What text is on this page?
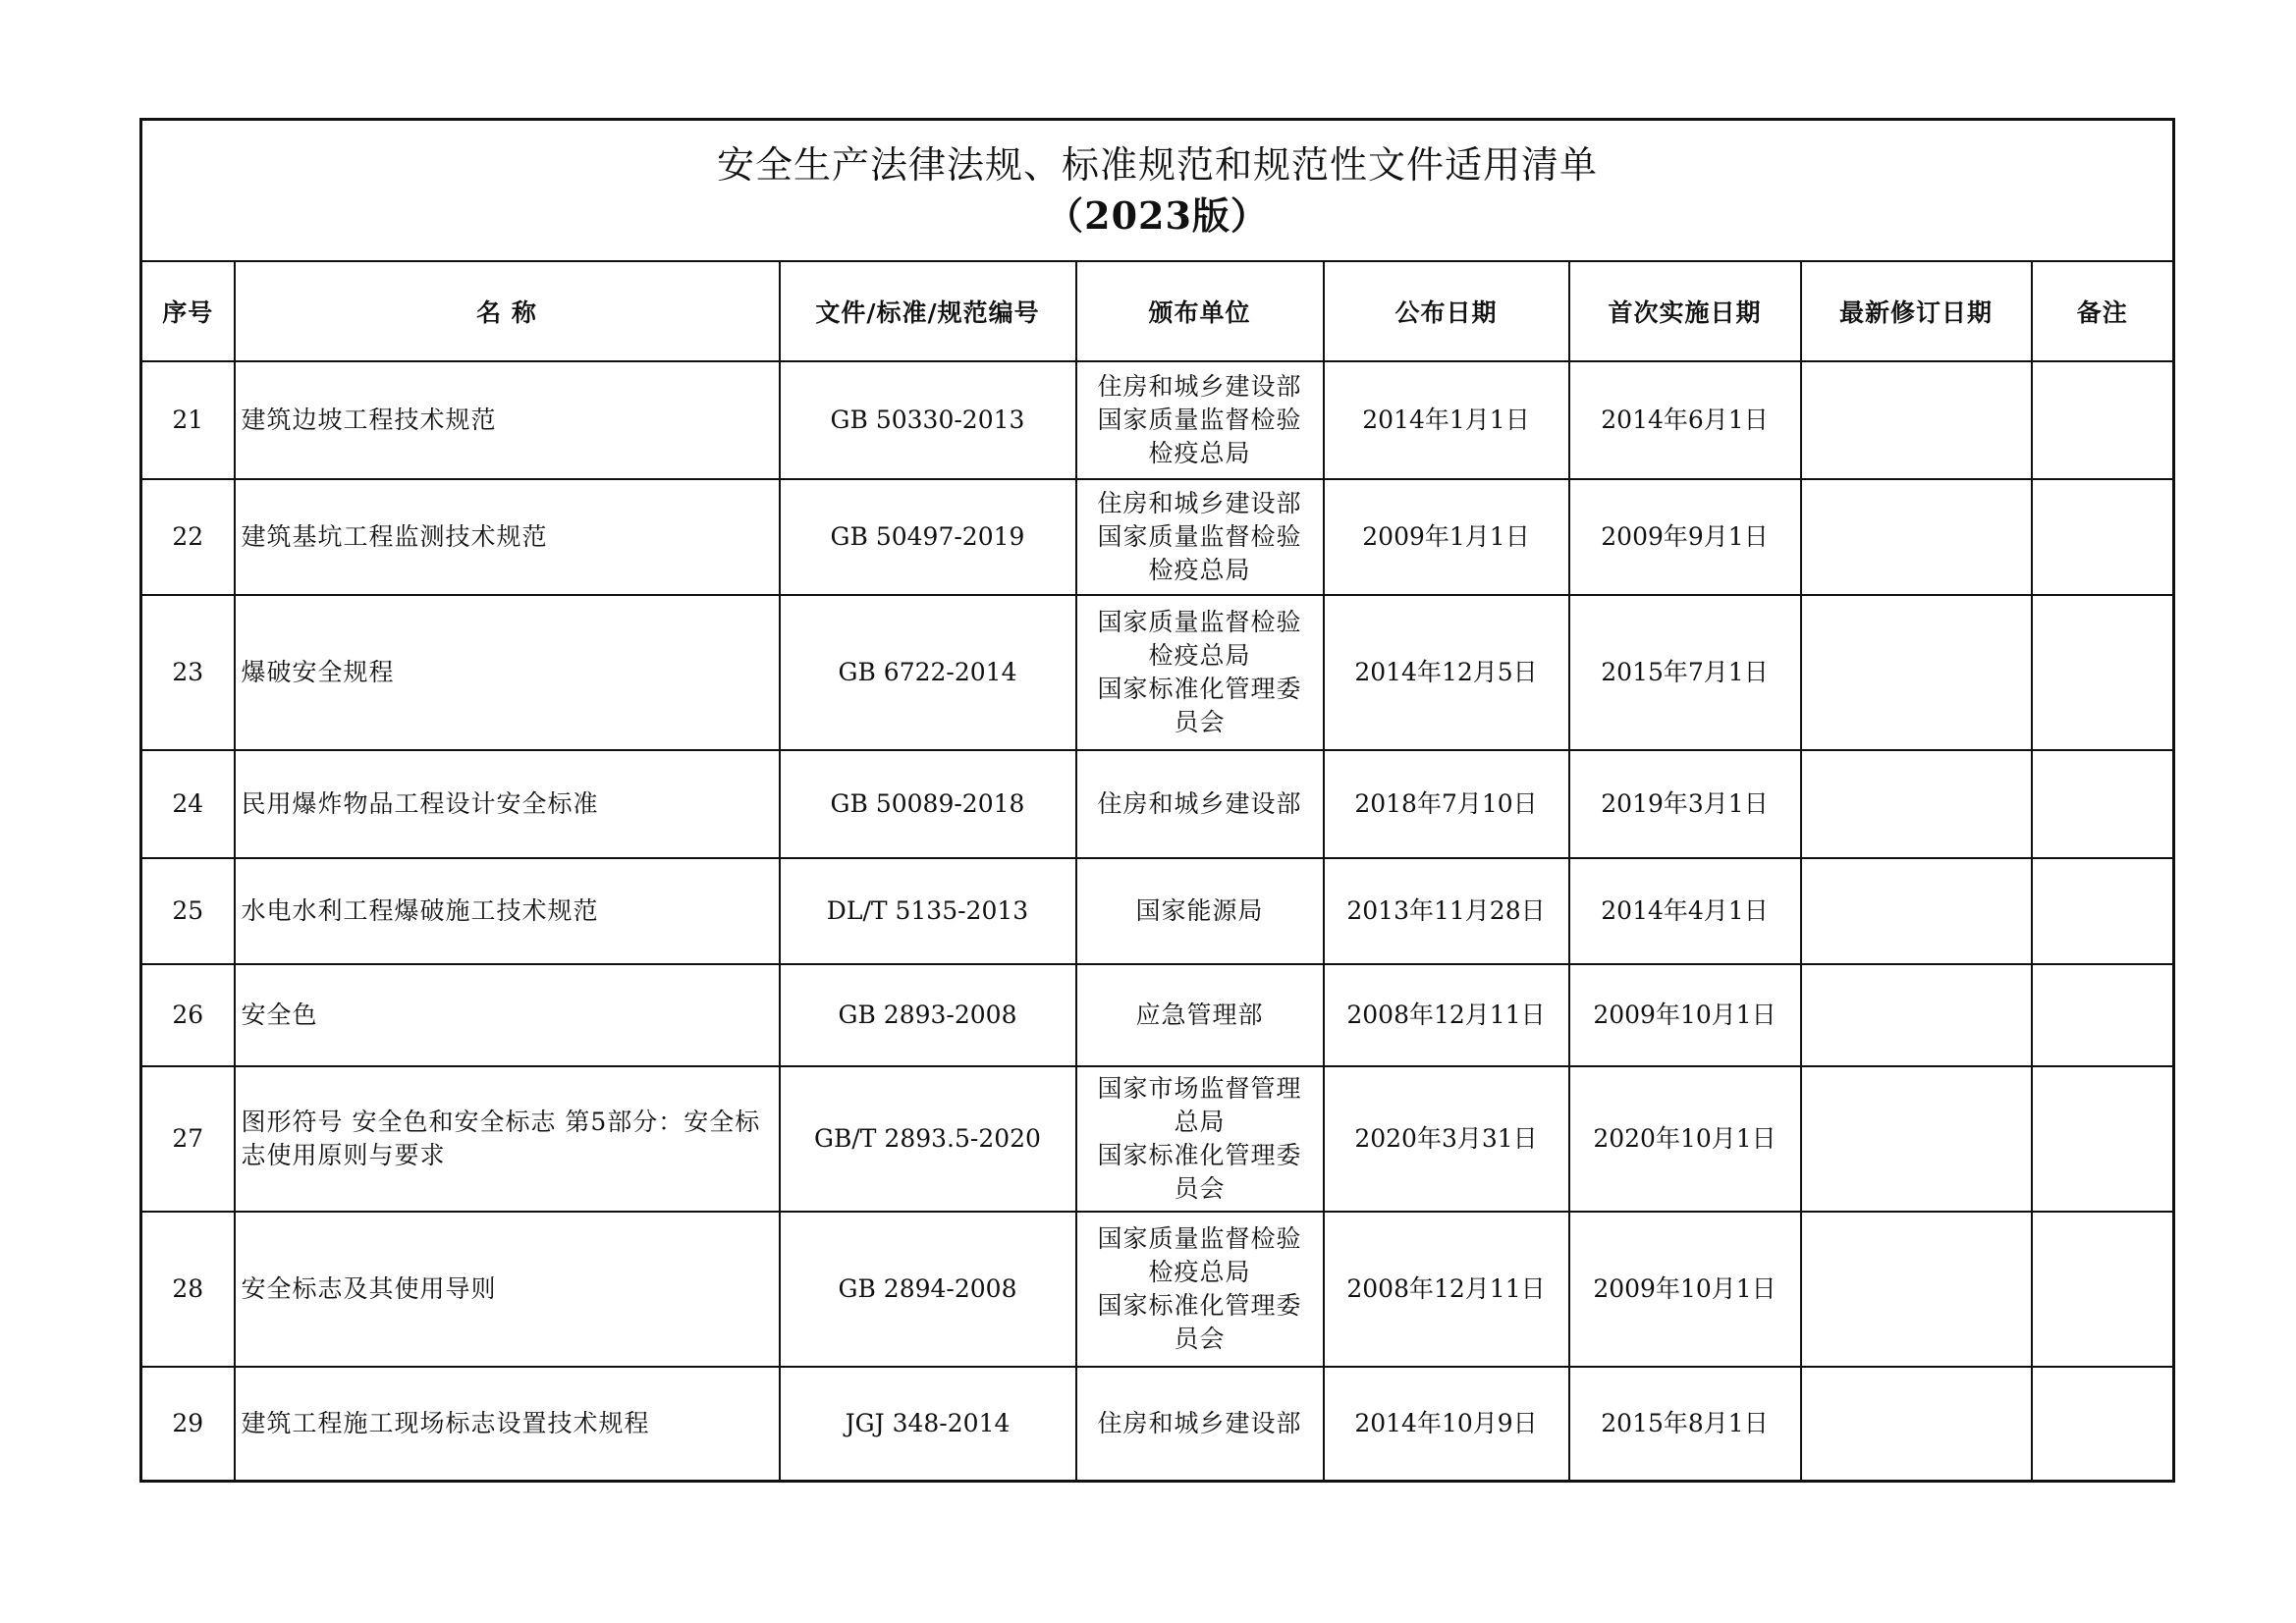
安全生产法律法规、标准规范和规范性文件适用清单
（2023版）							

序号	名 称	文件/标准/规范编号	颁布单位	公布日期	首次实施日期	最新修订日期	备注
21	建筑边坡工程技术规范	GB 50330-2013	住房和城乡建设部
国家质量监督检验
检疫总局	2014年1月1日	2014年6月1日		
22	建筑基坑工程监测技术规范	GB 50497-2019	住房和城乡建设部
国家质量监督检验
检疫总局	2009年1月1日	2009年9月1日		
23	爆破安全规程	GB 6722-2014	国家质量监督检验
检疫总局
国家标准化管理委
员会	2014年12月5日	2015年7月1日		
24	民用爆炸物品工程设计安全标准	GB 50089-2018	住房和城乡建设部	2018年7月10日	2019年3月1日		
25	水电水利工程爆破施工技术规范	DL/T 5135-2013	国家能源局	2013年11月28日	2014年4月1日		
26	安全色	GB 2893-2008	应急管理部	2008年12月11日	2009年10月1日		
27	图形符号 安全色和安全标志 第5部分：安全标志使用原则与要求	GB/T 2893.5-2020	国家市场监督管理
总局
国家标准化管理委
员会	2020年3月31日	2020年10月1日		
28	安全标志及其使用导则	GB 2894-2008	国家质量监督检验
检疫总局
国家标准化管理委
员会	2008年12月11日	2009年10月1日		
29	建筑工程施工现场标志设置技术规程	JGJ 348-2014	住房和城乡建设部	2014年10月9日	2015年8月1日		
